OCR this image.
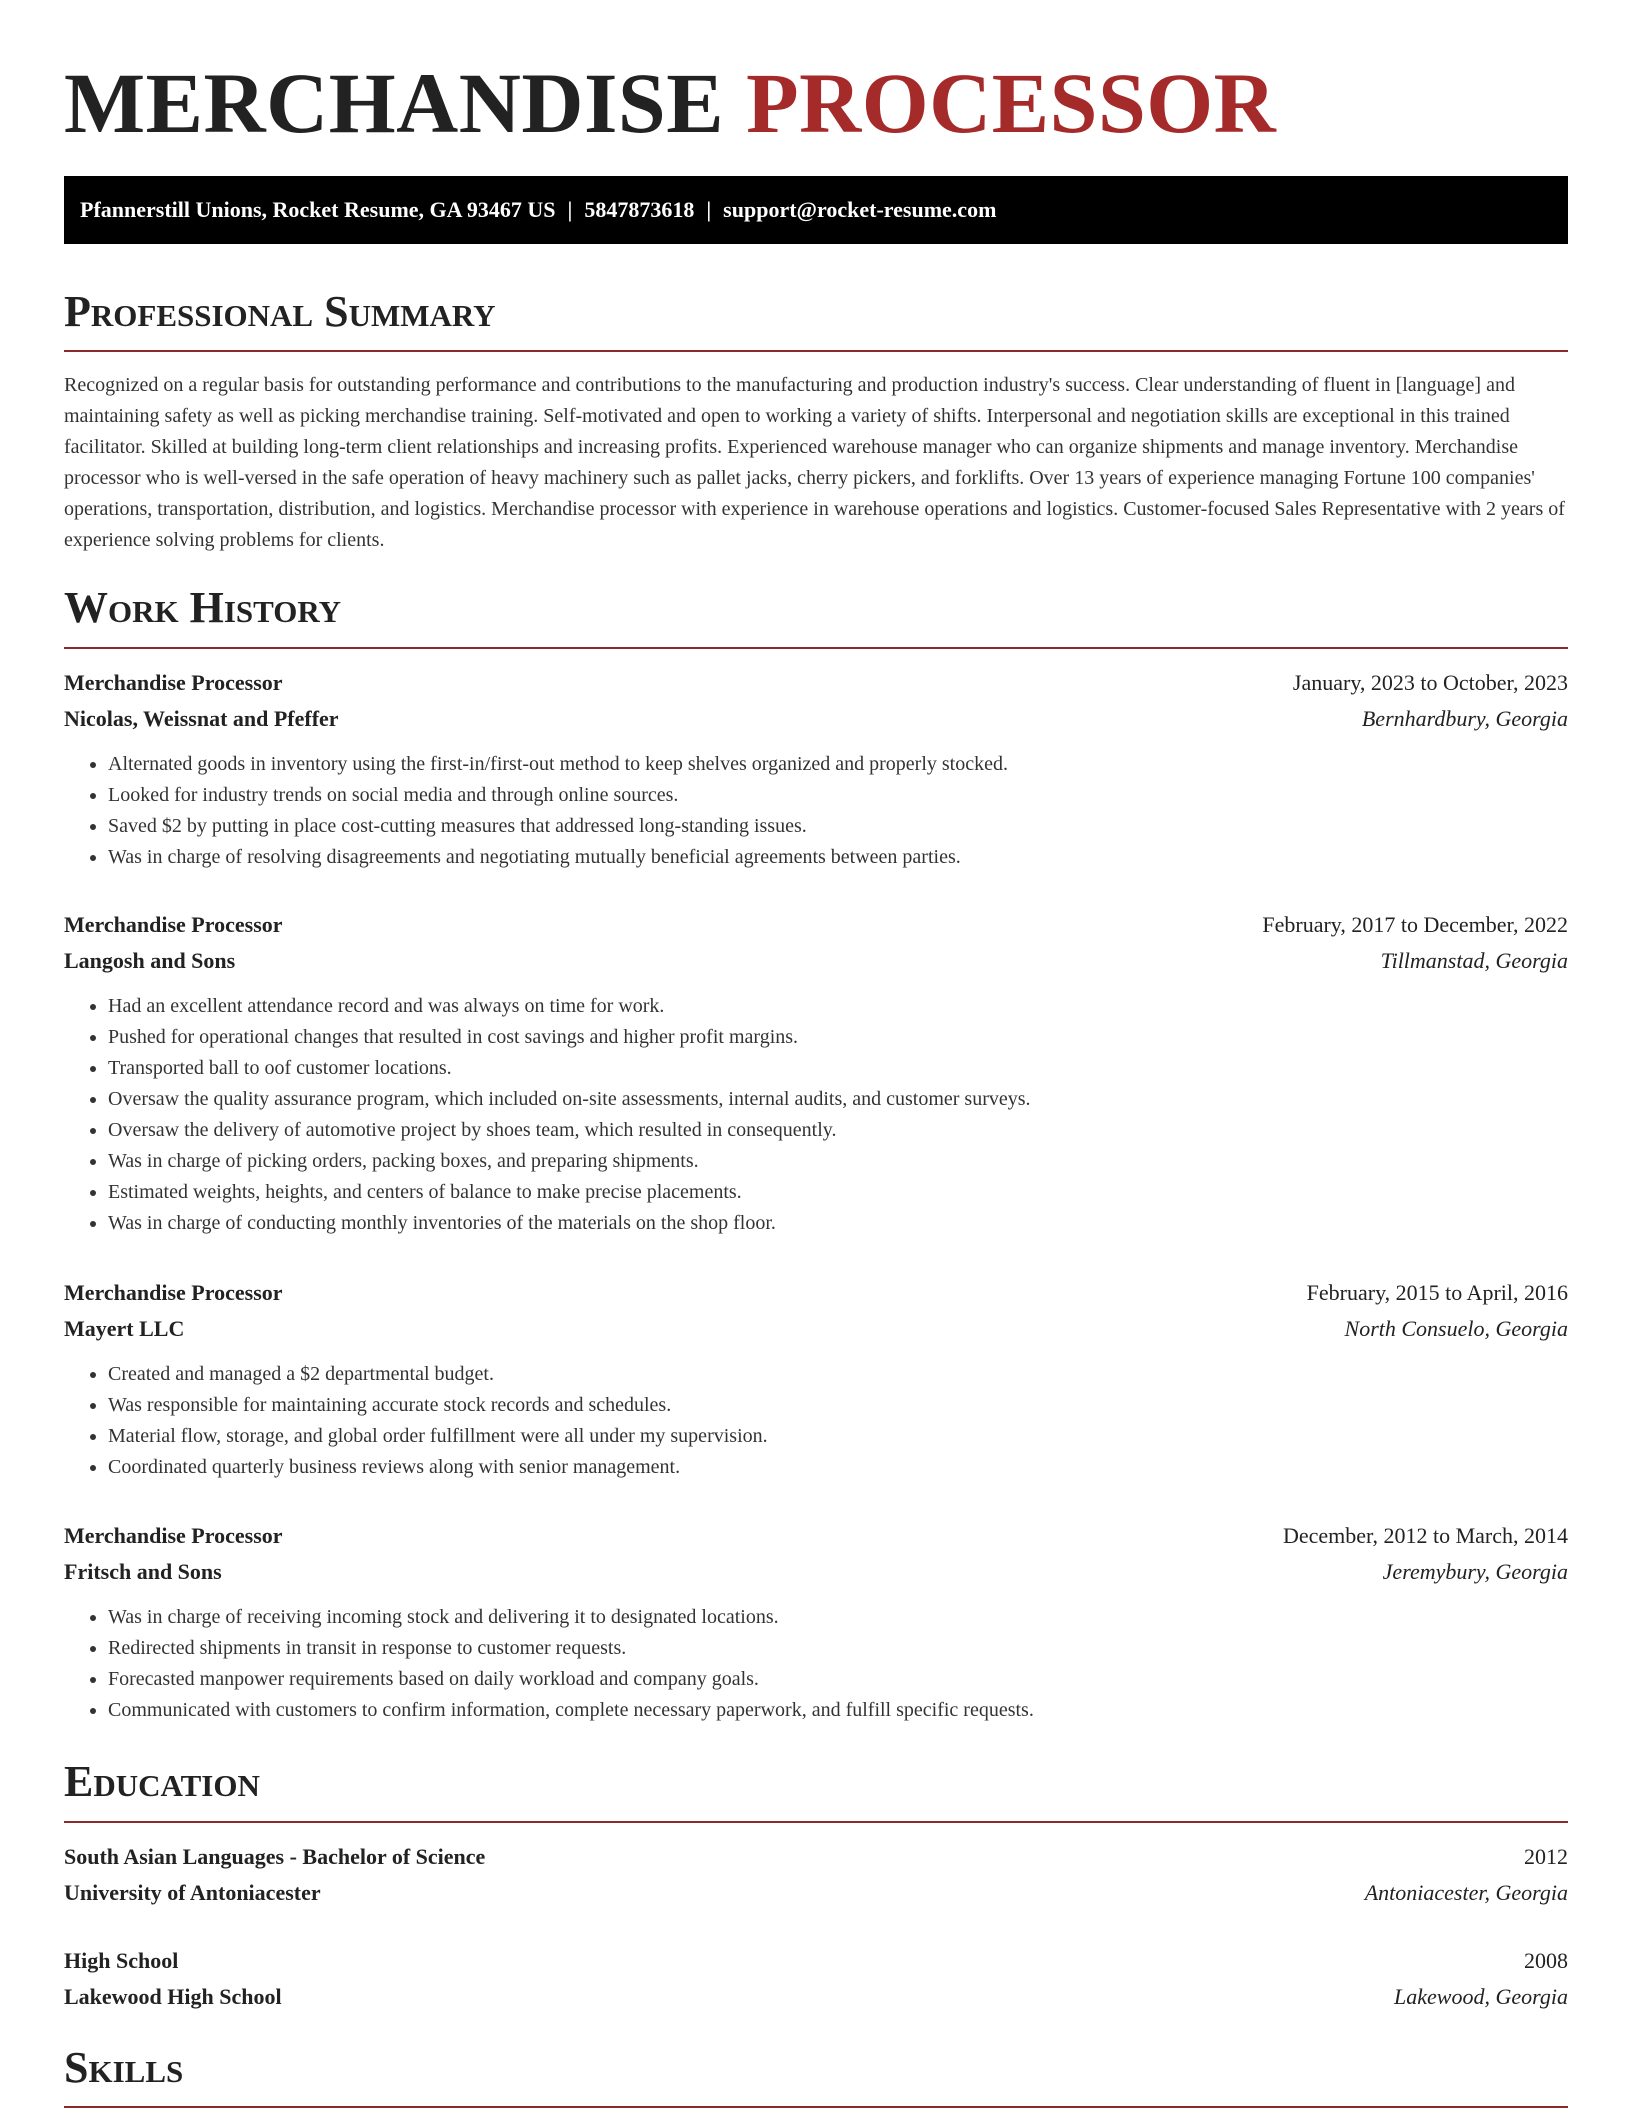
MERCHANDISE PROCESSOR
Pfannerstill Unions, Rocket Resume, GA 93467 US | 5847873618 | support@rocket-resume.com
Professional Summary

Recognized on a regular basis for outstanding performance and contributions to the manufacturing and production industry's success. Clear understanding of fluent in [language] and maintaining safety as well as picking merchandise training. Self-motivated and open to working a variety of shifts. Interpersonal and negotiation skills are exceptional in this trained facilitator. Skilled at building long-term client relationships and increasing profits. Experienced warehouse manager who can organize shipments and manage inventory. Merchandise processor who is well-versed in the safe operation of heavy machinery such as pallet jacks, cherry pickers, and forklifts. Over 13 years of experience managing Fortune 100 companies' operations, transportation, distribution, and logistics. Merchandise processor with experience in warehouse operations and logistics. Customer-focused Sales Representative with 2 years of experience solving problems for clients.

Work History
Merchandise Processor	January, 2023 to October, 2023
Nicolas, Weissnat and Pfeffer	Bernhardbury, Georgia
• Alternated goods in inventory using the first-in/first-out method to keep shelves organized and properly stocked.
• Looked for industry trends on social media and through online sources.
• Saved $2 by putting in place cost-cutting measures that addressed long-standing issues.
• Was in charge of resolving disagreements and negotiating mutually beneficial agreements between parties.
Merchandise Processor	February, 2017 to December, 2022
Langosh and Sons	Tillmanstad, Georgia
• Had an excellent attendance record and was always on time for work.
• Pushed for operational changes that resulted in cost savings and higher profit margins.
• Transported ball to oof customer locations.
• Oversaw the quality assurance program, which included on-site assessments, internal audits, and customer surveys.
• Oversaw the delivery of automotive project by shoes team, which resulted in consequently.
• Was in charge of picking orders, packing boxes, and preparing shipments.
• Estimated weights, heights, and centers of balance to make precise placements.
• Was in charge of conducting monthly inventories of the materials on the shop floor.
Merchandise Processor	February, 2015 to April, 2016
Mayert LLC	North Consuelo, Georgia
• Created and managed a $2 departmental budget.
• Was responsible for maintaining accurate stock records and schedules.
• Material flow, storage, and global order fulfillment were all under my supervision.
• Coordinated quarterly business reviews along with senior management.
Merchandise Processor	December, 2012 to March, 2014
Fritsch and Sons	Jeremybury, Georgia
• Was in charge of receiving incoming stock and delivering it to designated locations.
• Redirected shipments in transit in response to customer requests.
• Forecasted manpower requirements based on daily workload and company goals.
• Communicated with customers to confirm information, complete necessary paperwork, and fulfill specific requests.
Education
South Asian Languages - Bachelor of Science	2012
University of Antoniacester	Antoniacester, Georgia
High School	2008
Lakewood High School	Lakewood, Georgia
Skills
